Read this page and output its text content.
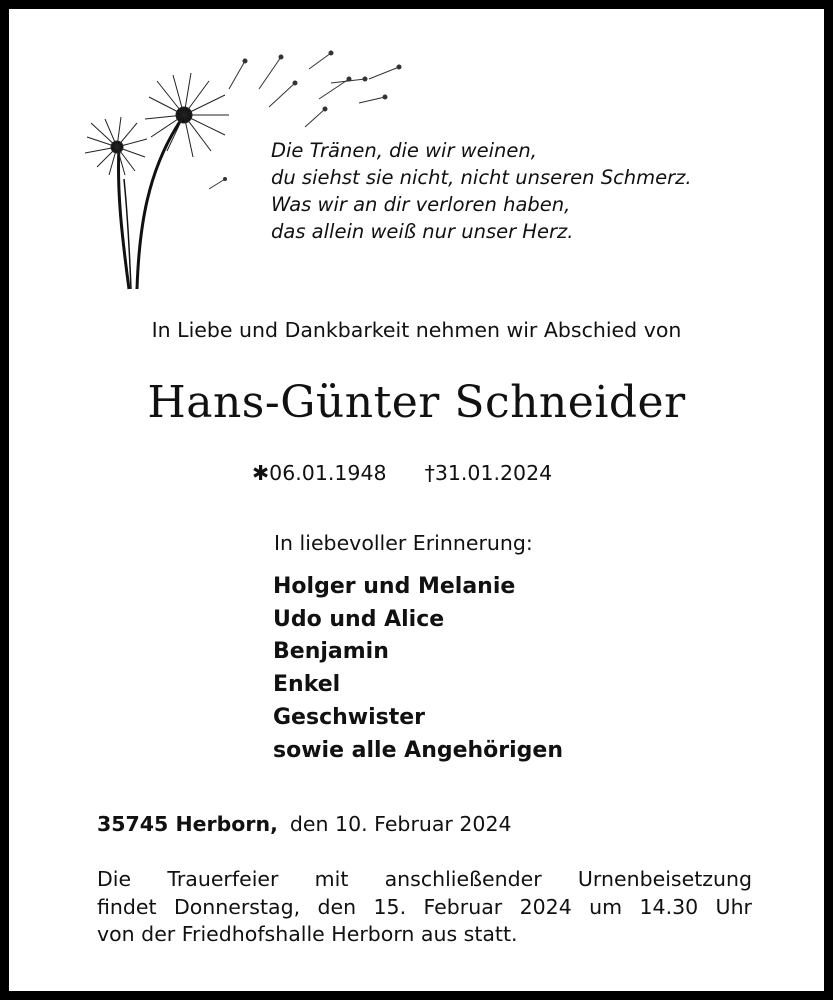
Die Tränen, die wir weinen,
du siehst sie nicht, nicht unseren Schmerz.
Was wir an dir verloren haben,
das allein weiß nur unser Herz.
In Liebe und Dankbarkeit nehmen wir Abschied von
Hans-Günter Schneider
✱06.01.1948 †31.01.2024
In liebevoller Erinnerung:
Holger und Melanie
Udo und Alice
Benjamin
Enkel
Geschwister
sowie alle Angehörigen
35745 Herborn, den 10. Februar 2024
Die Trauerfeier mit anschließender Urnenbeisetzung
findet Donnerstag, den 15. Februar 2024 um 14.30 Uhr
von der Friedhofshalle Herborn aus statt.
